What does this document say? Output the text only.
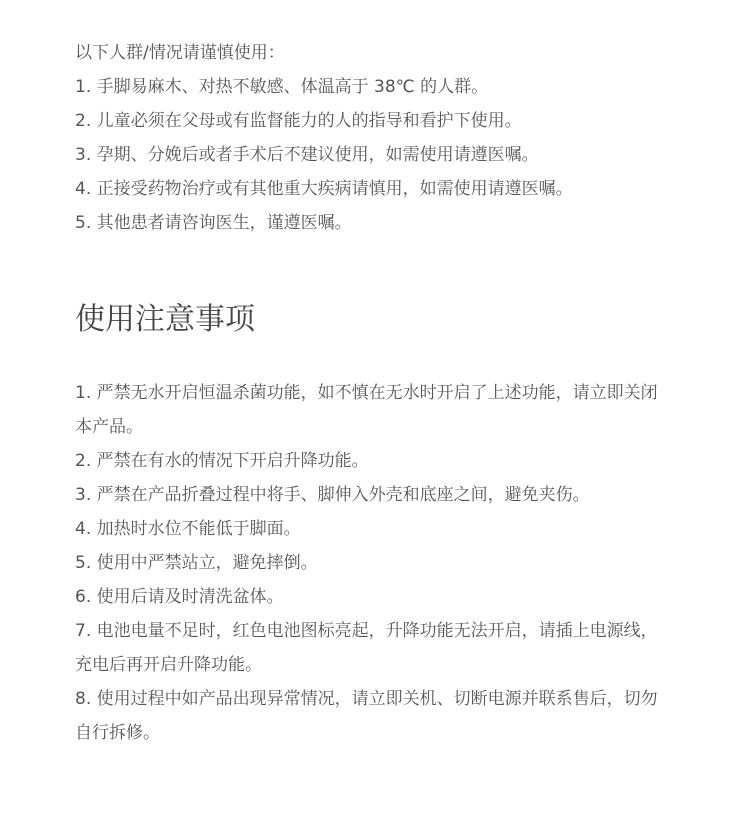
以下人群/情况请谨慎使用：

1. 手脚易麻木、对热不敏感、体温高于 38℃ 的人群。
2. 儿童必须在父母或有监督能力的人的指导和看护下使用。
3. 孕期、分娩后或者手术后不建议使用，如需使用请遵医嘱。
4. 正接受药物治疗或有其他重大疾病请慎用，如需使用请遵医嘱。
5. 其他患者请咨询医生，谨遵医嘱。
使用注意事项
1. 严禁无水开启恒温杀菌功能，如不慎在无水时开启了上述功能，请立即关闭本产品。
2. 严禁在有水的情况下开启升降功能。
3. 严禁在产品折叠过程中将手、脚伸入外壳和底座之间，避免夹伤。
4. 加热时水位不能低于脚面。
5. 使用中严禁站立，避免摔倒。
6. 使用后请及时清洗盆体。
7. 电池电量不足时，红色电池图标亮起，升降功能无法开启，请插上电源线，充电后再开启升降功能。
8. 使用过程中如产品出现异常情况，请立即关机、切断电源并联系售后，切勿自行拆修。
